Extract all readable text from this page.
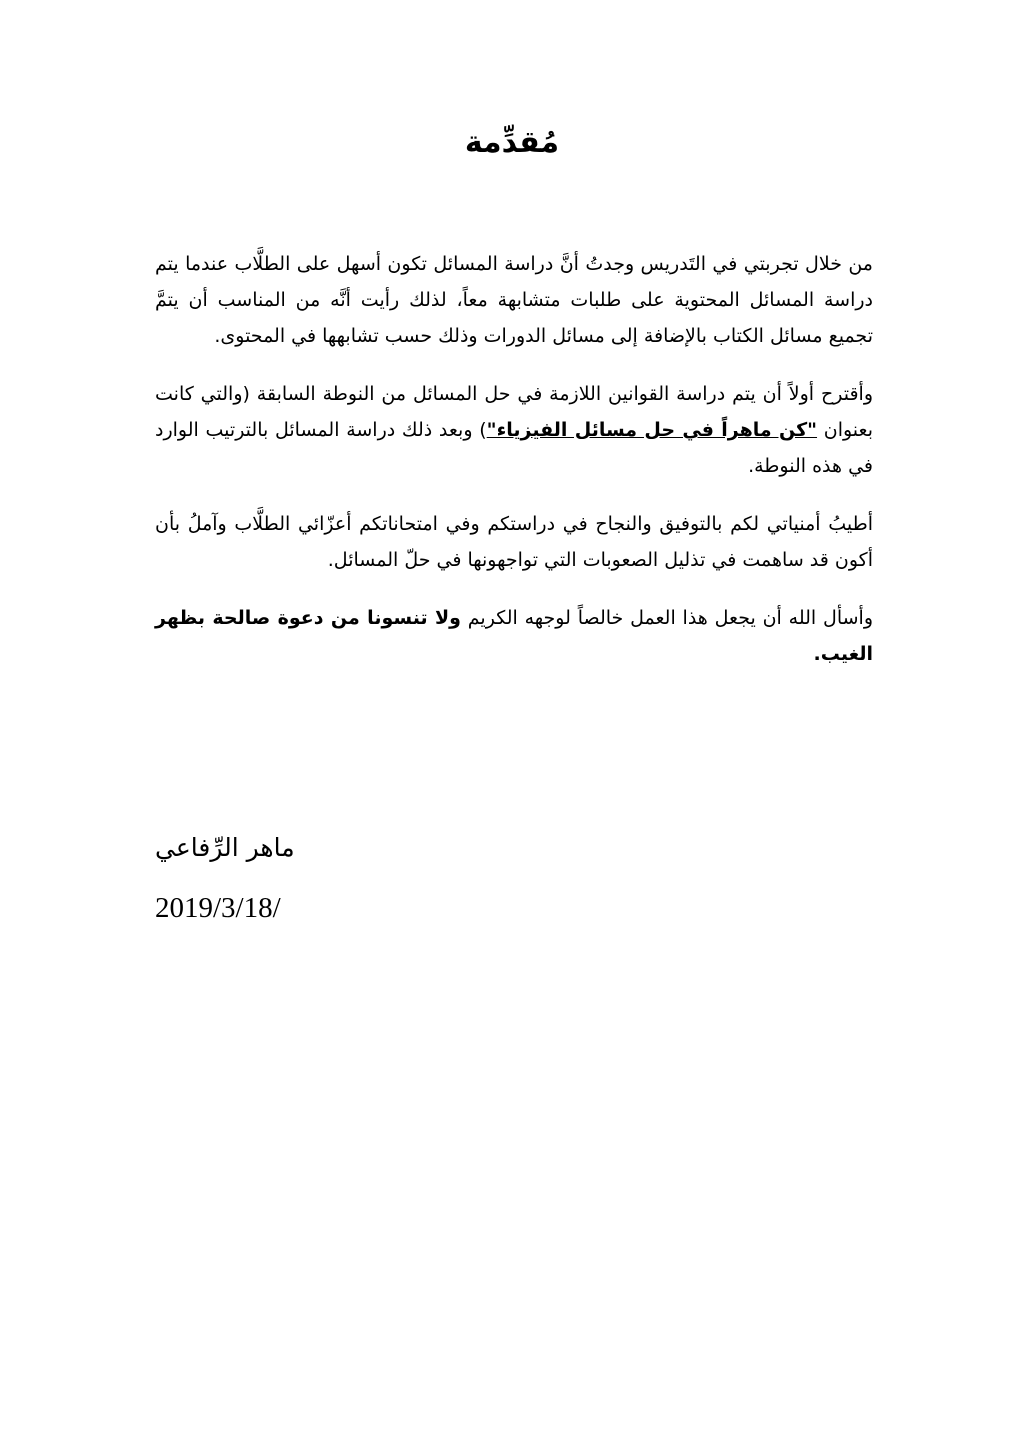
مُقدِّمة

من خلال تجربتي في التَدريس وجدتُ أنَّ دراسة المسائل تكون أسهل على الطلَّاب عندما يتم دراسة المسائل المحتوية على طلبات متشابهة معاً، لذلك رأيت أنَّه من المناسب أن يتمَّ تجميع مسائل الكتاب بالإضافة إلى مسائل الدورات وذلك حسب تشابهها في المحتوى.

وأقترح أولاً أن يتم دراسة القوانين اللازمة في حل المسائل من النوطة السابقة (والتي كانت بعنوان "كن ماهراً في حل مسائل الفيزياء") وبعد ذلك دراسة المسائل بالترتيب الوارد في هذه النوطة.

أطيبُ أمنياتي لكم بالتوفيق والنجاح في دراستكم وفي امتحاناتكم أعزّائي الطلَّاب وآملُ بأن أكون قد ساهمت في تذليل الصعوبات التي تواجهونها في حلّ المسائل.

وأسأل الله أن يجعل هذا العمل خالصاً لوجهه الكريم ولا تنسونا من دعوة صالحة بظهر الغيب.

ماهر الرِّفاعي
2019/3/18/
